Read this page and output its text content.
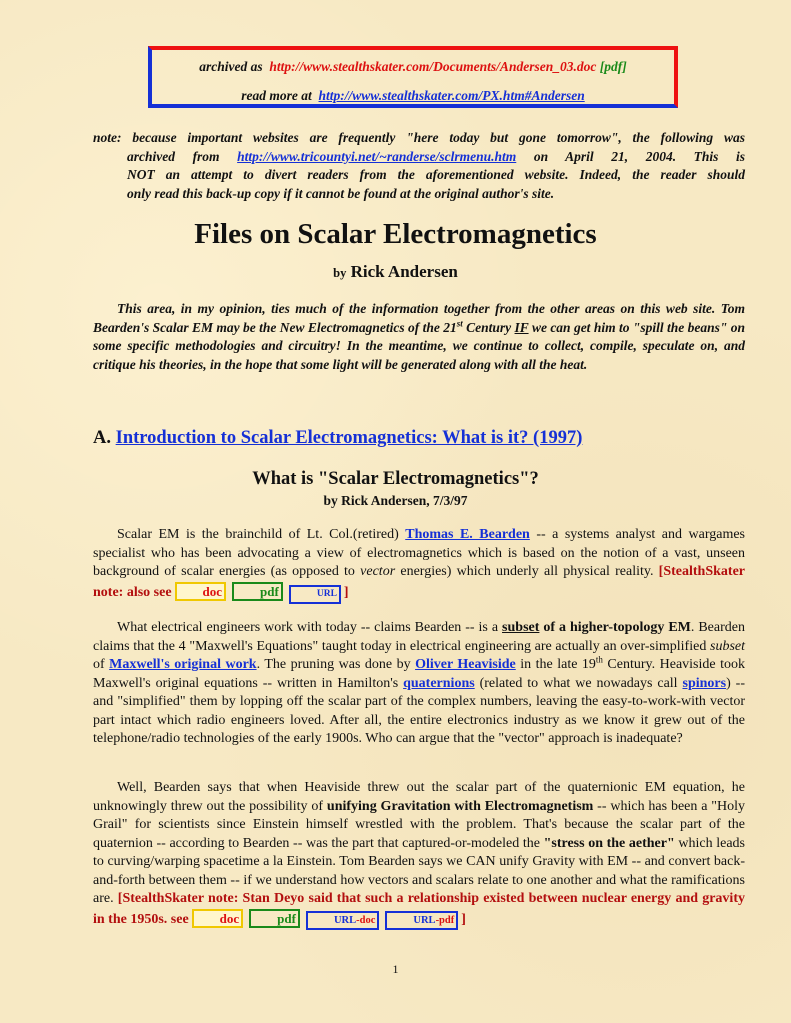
archived as http://www.stealthskater.com/Documents/Andersen_03.doc [pdf]
read more at http://www.stealthskater.com/PX.htm#Andersen
note: because important websites are frequently "here today but gone tomorrow", the following was
archived from http://www.tricountyi.net/~randerse/sclrmenu.htm on April 21, 2004. This is
NOT an attempt to divert readers from the aforementioned website. Indeed, the reader should
only read this back-up copy if it cannot be found at the original author's site.
Files on Scalar Electromagnetics
by Rick Andersen

This area, in my opinion, ties much of the information together from the other areas on this web site. Tom Bearden's Scalar EM may be the New Electromagnetics of the 21st Century IF we can get him to "spill the beans" on some specific methodologies and circuitry! In the meantime, we continue to collect, compile, speculate on, and critique his theories, in the hope that some light will be generated along with all the heat.

A. Introduction to Scalar Electromagnetics: What is it? (1997)
What is "Scalar Electromagnetics"?
by Rick Andersen, 7/3/97

Scalar EM is the brainchild of Lt. Col.(retired) Thomas E. Bearden -- a systems analyst and wargames specialist who has been advocating a view of electromagnetics which is based on the notion of a vast, unseen background of scalar energies (as opposed to vector energies) which underly all physical reality. [StealthSkater note: also see doc	pdf	URL ]

What electrical engineers work with today -- claims Bearden -- is a subset of a higher-topology EM. Bearden claims that the 4 "Maxwell's Equations" taught today in electrical engineering are actually an over-simplified subset of Maxwell's original work. The pruning was done by Oliver Heaviside in the late 19th Century. Heaviside took Maxwell's original equations -- written in Hamilton's quaternions (related to what we nowadays call spinors) -- and "simplified" them by lopping off the scalar part of the complex numbers, leaving the easy-to-work-with vector part intact which radio engineers loved. After all, the entire electronics industry as we know it grew out of the telephone/radio technologies of the early 1900s. Who can argue that the "vector" approach is inadequate?

Well, Bearden says that when Heaviside threw out the scalar part of the quaternionic EM equation, he unknowingly threw out the possibility of unifying Gravitation with Electromagnetism -- which has been a "Holy Grail" for scientists since Einstein himself wrestled with the problem. That's because the scalar part of the quaternion -- according to Bearden -- was the part that captured-or-modeled the "stress on the aether" which leads to curving/warping spacetime a la Einstein. Tom Bearden says we CAN unify Gravity with EM -- and convert back-and-forth between them -- if we understand how vectors and scalars relate to one another and what the ramifications are. [StealthSkater note: Stan Deyo said that such a relationship existed between nuclear energy and gravity in the 1950s. see doc	pdf	URL-doc	URL-pdf ]

1
